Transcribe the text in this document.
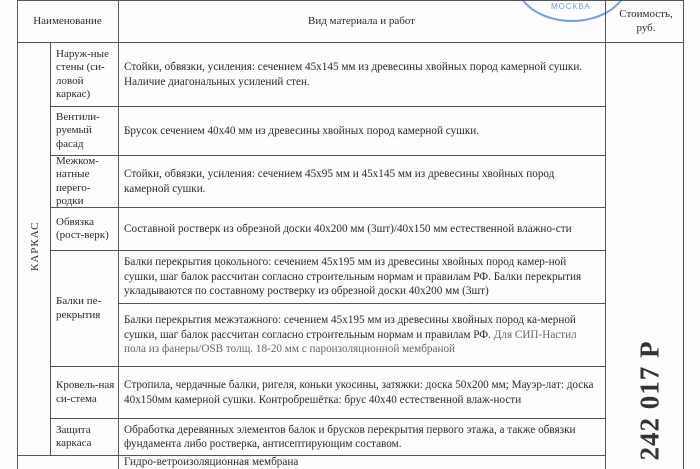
МОСКВА
Наименование	Вид материала и работ
Стоимость, руб.
КАРКАС
Наруж-ные стены (си-ловой каркас)
Стойки, обвязки, усиления: сечением 45х145 мм из древесины хвойных пород камерной сушки. Наличие диагональных усилений стен.
Вентили-руемый фасад
Брусок сечением 40х40 мм из древесины хвойных пород камерной сушки.
Межком-натные перего-родки
Стойки, обвязки, усиления: сечением 45х95 мм и 45х145 мм из древесины хвойных пород камерной сушки.
Обвязка (рост-верк)
Составной ростверк из обрезной доски 40х200 мм (3шт)/40х150 мм естественной влажно-сти
Балки пе-рекрытия
Балки перекрытия цокольного: сечением 45х195 мм из древесины хвойных пород камер-ной сушки, шаг балок рассчитан согласно строительным нормам и правилам РФ. Балки перекрытия укладываются по составному ростверку из обрезной доски 40х200 мм (3шт)
Балки перекрытия межэтажного: сечением 45х195 мм из древесины хвойных пород ка-мерной сушки, шаг балок рассчитан согласно строительным нормам и правилам РФ. Для СИП-Настил пола из фанеры/OSB толщ. 18-20 мм с пароизоляционной мембраной
Кровель-ная си-стема
Стропила, чердачные балки, ригеля, коньки укосины, затяжки: доска 50х200 мм; Мауэр-лат: доска 40х150мм камерной сушки. Контробрешётка: брус 40х40 естественной влаж-ности
Защита каркаса
Обработка деревянных элементов балок и брусков перекрытия первого этажа, а также обвязки фундамента либо ростверка, антисептирующим составом.
Гидро-ветроизоляционная мембрана
242 017 Р
